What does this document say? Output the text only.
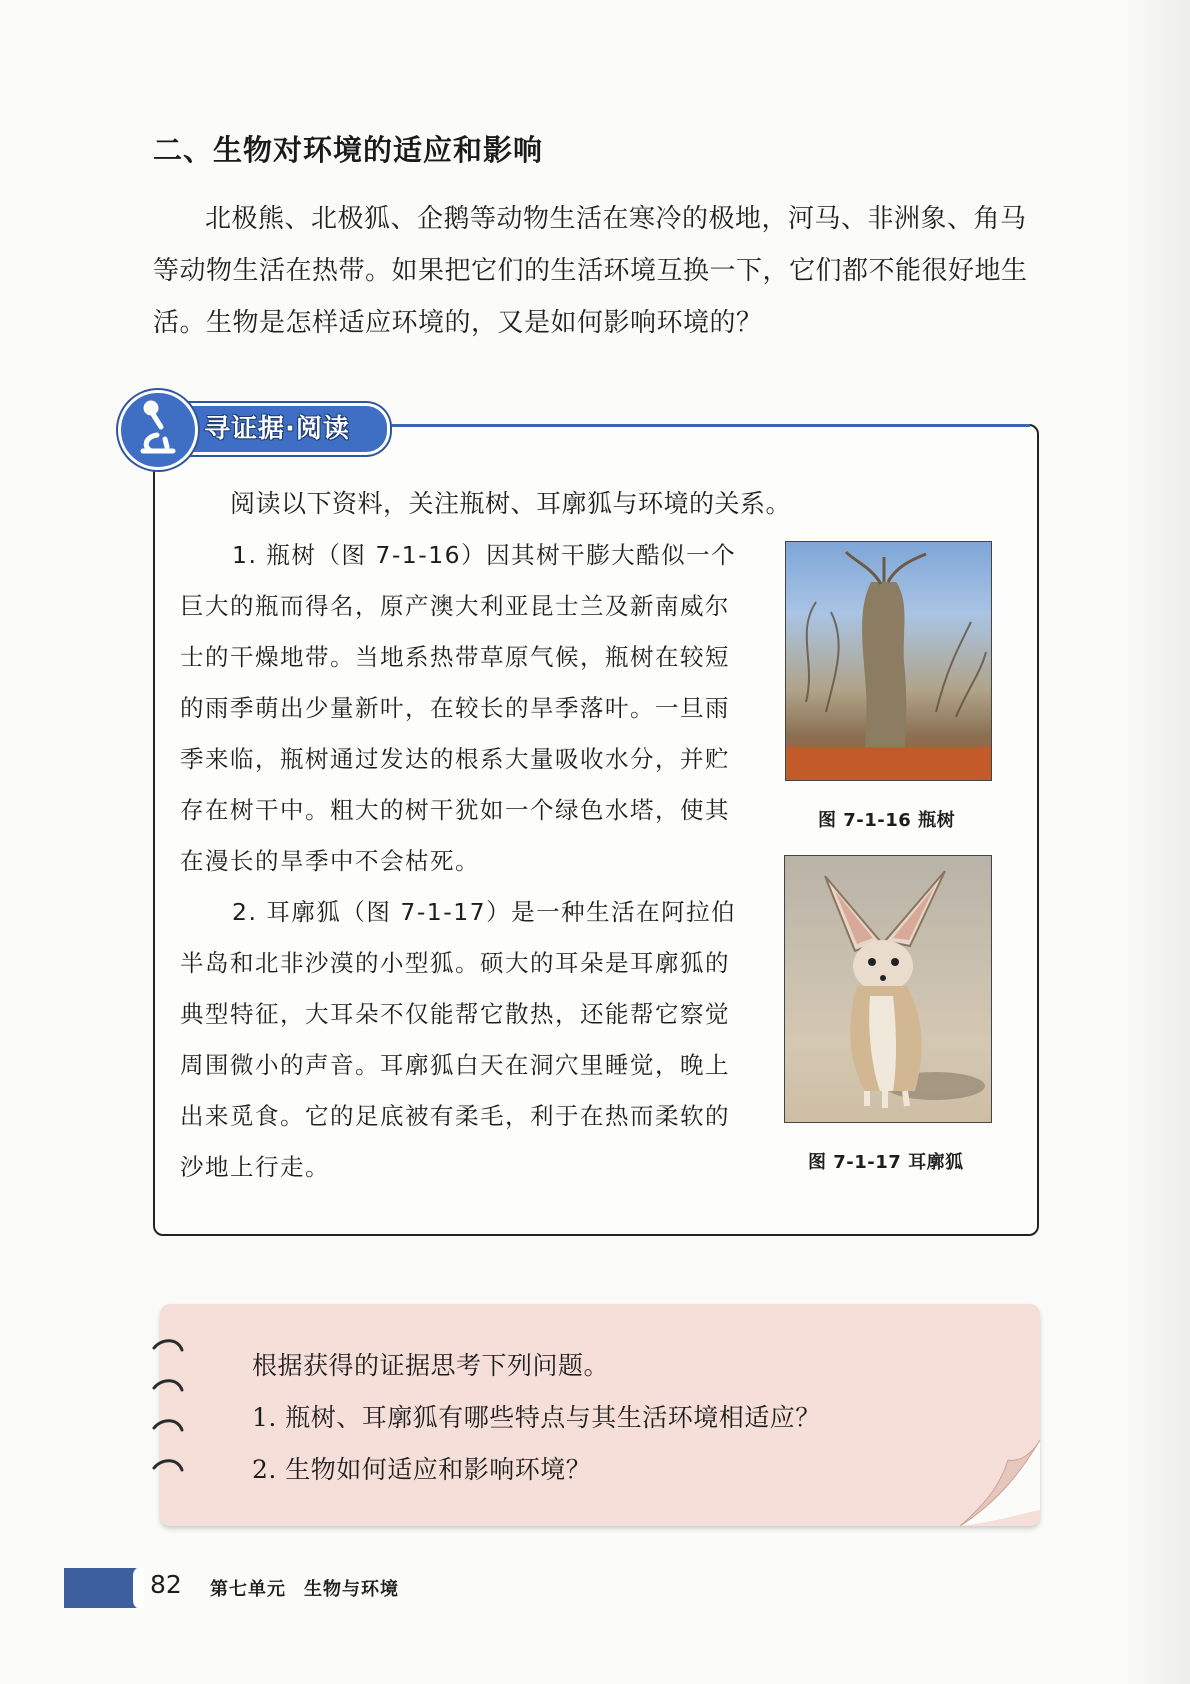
二、生物对环境的适应和影响

北极熊、北极狐、企鹅等动物生活在寒冷的极地，河马、非洲象、角马等动物生活在热带。如果把它们的生活环境互换一下，它们都不能很好地生活。生物是怎样适应环境的，又是如何影响环境的？

寻证据·阅读
阅读以下资料，关注瓶树、耳廓狐与环境的关系。

1. 瓶树（图 7-1-16）因其树干膨大酷似一个巨大的瓶而得名，原产澳大利亚昆士兰及新南威尔士的干燥地带。当地系热带草原气候，瓶树在较短的雨季萌出少量新叶，在较长的旱季落叶。一旦雨季来临，瓶树通过发达的根系大量吸收水分，并贮存在树干中。粗大的树干犹如一个绿色水塔，使其在漫长的旱季中不会枯死。

2. 耳廓狐（图 7-1-17）是一种生活在阿拉伯半岛和北非沙漠的小型狐。硕大的耳朵是耳廓狐的典型特征，大耳朵不仅能帮它散热，还能帮它察觉周围微小的声音。耳廓狐白天在洞穴里睡觉，晚上出来觅食。它的足底被有柔毛，利于在热而柔软的沙地上行走。

图 7-1-16 瓶树
图 7-1-17 耳廓狐
根据获得的证据思考下列问题。
1. 瓶树、耳廓狐有哪些特点与其生活环境相适应？
2. 生物如何适应和影响环境？
82 第七单元 生物与环境
